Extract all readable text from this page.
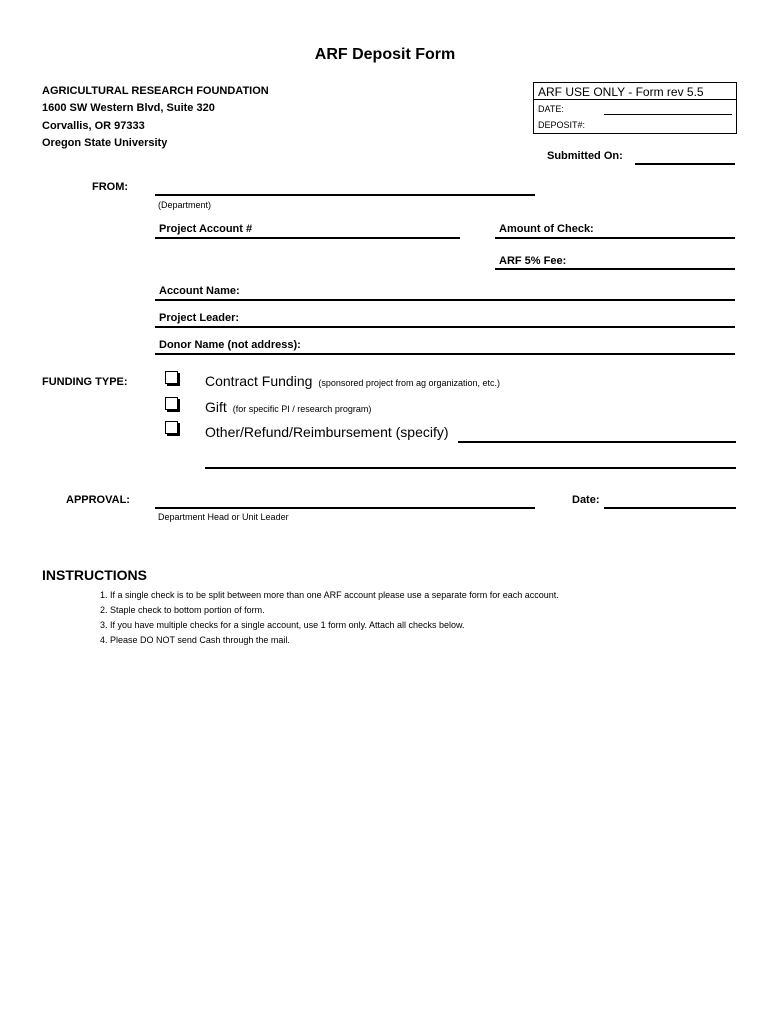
ARF Deposit Form
AGRICULTURAL RESEARCH FOUNDATION
1600 SW Western Blvd, Suite 320
Corvallis, OR 97333
Oregon State University
ARF USE ONLY - Form rev 5.5
DATE:
DEPOSIT#:
Submitted On:
FROM:
(Department)
Project Account #	Amount of Check:
ARF 5% Fee:
Account Name:
Project Leader:
Donor Name (not address):
FUNDING TYPE:	Contract Funding (sponsored project from ag organization, etc.)
Gift (for specific PI / research program)
Other/Refund/Reimbursement (specify)
APPROVAL:
Department Head or Unit Leader
Date:
INSTRUCTIONS
1. If a single check is to be split between more than one ARF account please use a separate form for each account.
2. Staple check to bottom portion of form.
3. If you have multiple checks for a single account, use 1 form only. Attach all checks below.
4. Please DO NOT send Cash through the mail.
